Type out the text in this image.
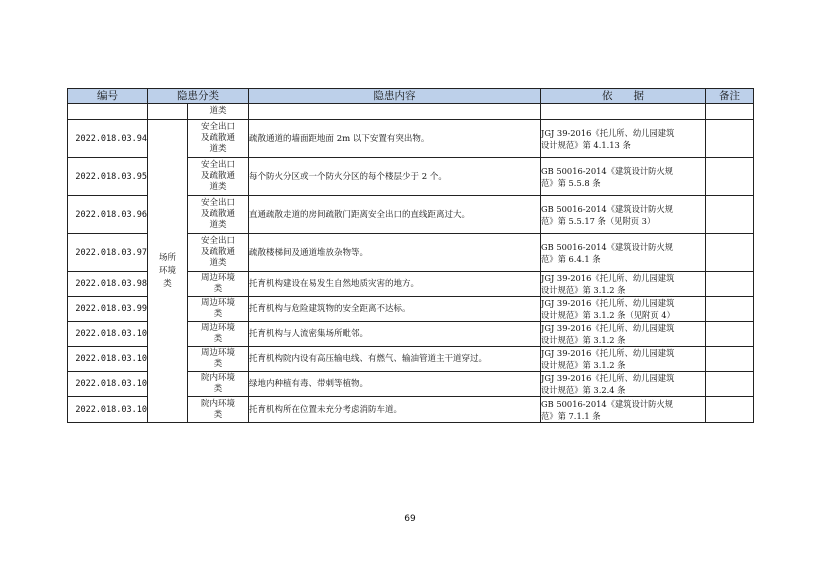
编号	隐患分类		隐患内容	依　　据	备注
		道类			
2022.018.03.94	场所
环境
类	安全出口
及疏散通
道类	疏散通道的墙面距地面 2m 以下安置有突出物。	JGJ 39-2016《托儿所、幼儿园建筑
设计规范》第 4.1.13 条	
2022.018.03.95		安全出口
及疏散通
道类	每个防火分区或一个防火分区的每个楼层少于 2 个。	GB 50016-2014《建筑设计防火规
范》第 5.5.8 条	
2022.018.03.96		安全出口
及疏散通
道类	直通疏散走道的房间疏散门距离安全出口的直线距离过大。	GB 50016-2014《建筑设计防火规
范》第 5.5.17 条（见附页 3）	
2022.018.03.97		安全出口
及疏散通
道类	疏散楼梯间及通道堆放杂物等。	GB 50016-2014《建筑设计防火规
范》第 6.4.1 条	
2022.018.03.98		周边环境
类	托育机构建设在易发生自然地质灾害的地方。	JGJ 39-2016《托儿所、幼儿园建筑
设计规范》第 3.1.2 条	
2022.018.03.99		周边环境
类	托育机构与危险建筑物的安全距离不达标。	JGJ 39-2016《托儿所、幼儿园建筑
设计规范》第 3.1.2 条（见附页 4）	
2022.018.03.10		周边环境
类	托育机构与人流密集场所毗邻。	JGJ 39-2016《托儿所、幼儿园建筑
设计规范》第 3.1.2 条	
2022.018.03.10		周边环境
类	托育机构院内设有高压输电线、有燃气、输油管道主干道穿过。	JGJ 39-2016《托儿所、幼儿园建筑
设计规范》第 3.1.2 条	
2022.018.03.10		院内环境
类	绿地内种植有毒、带刺等植物。	JGJ 39-2016《托儿所、幼儿园建筑
设计规范》第 3.2.4 条	
2022.018.03.10		院内环境
类	托育机构所在位置未充分考虑消防车道。	GB 50016-2014《建筑设计防火规
范》第 7.1.1 条	
69
